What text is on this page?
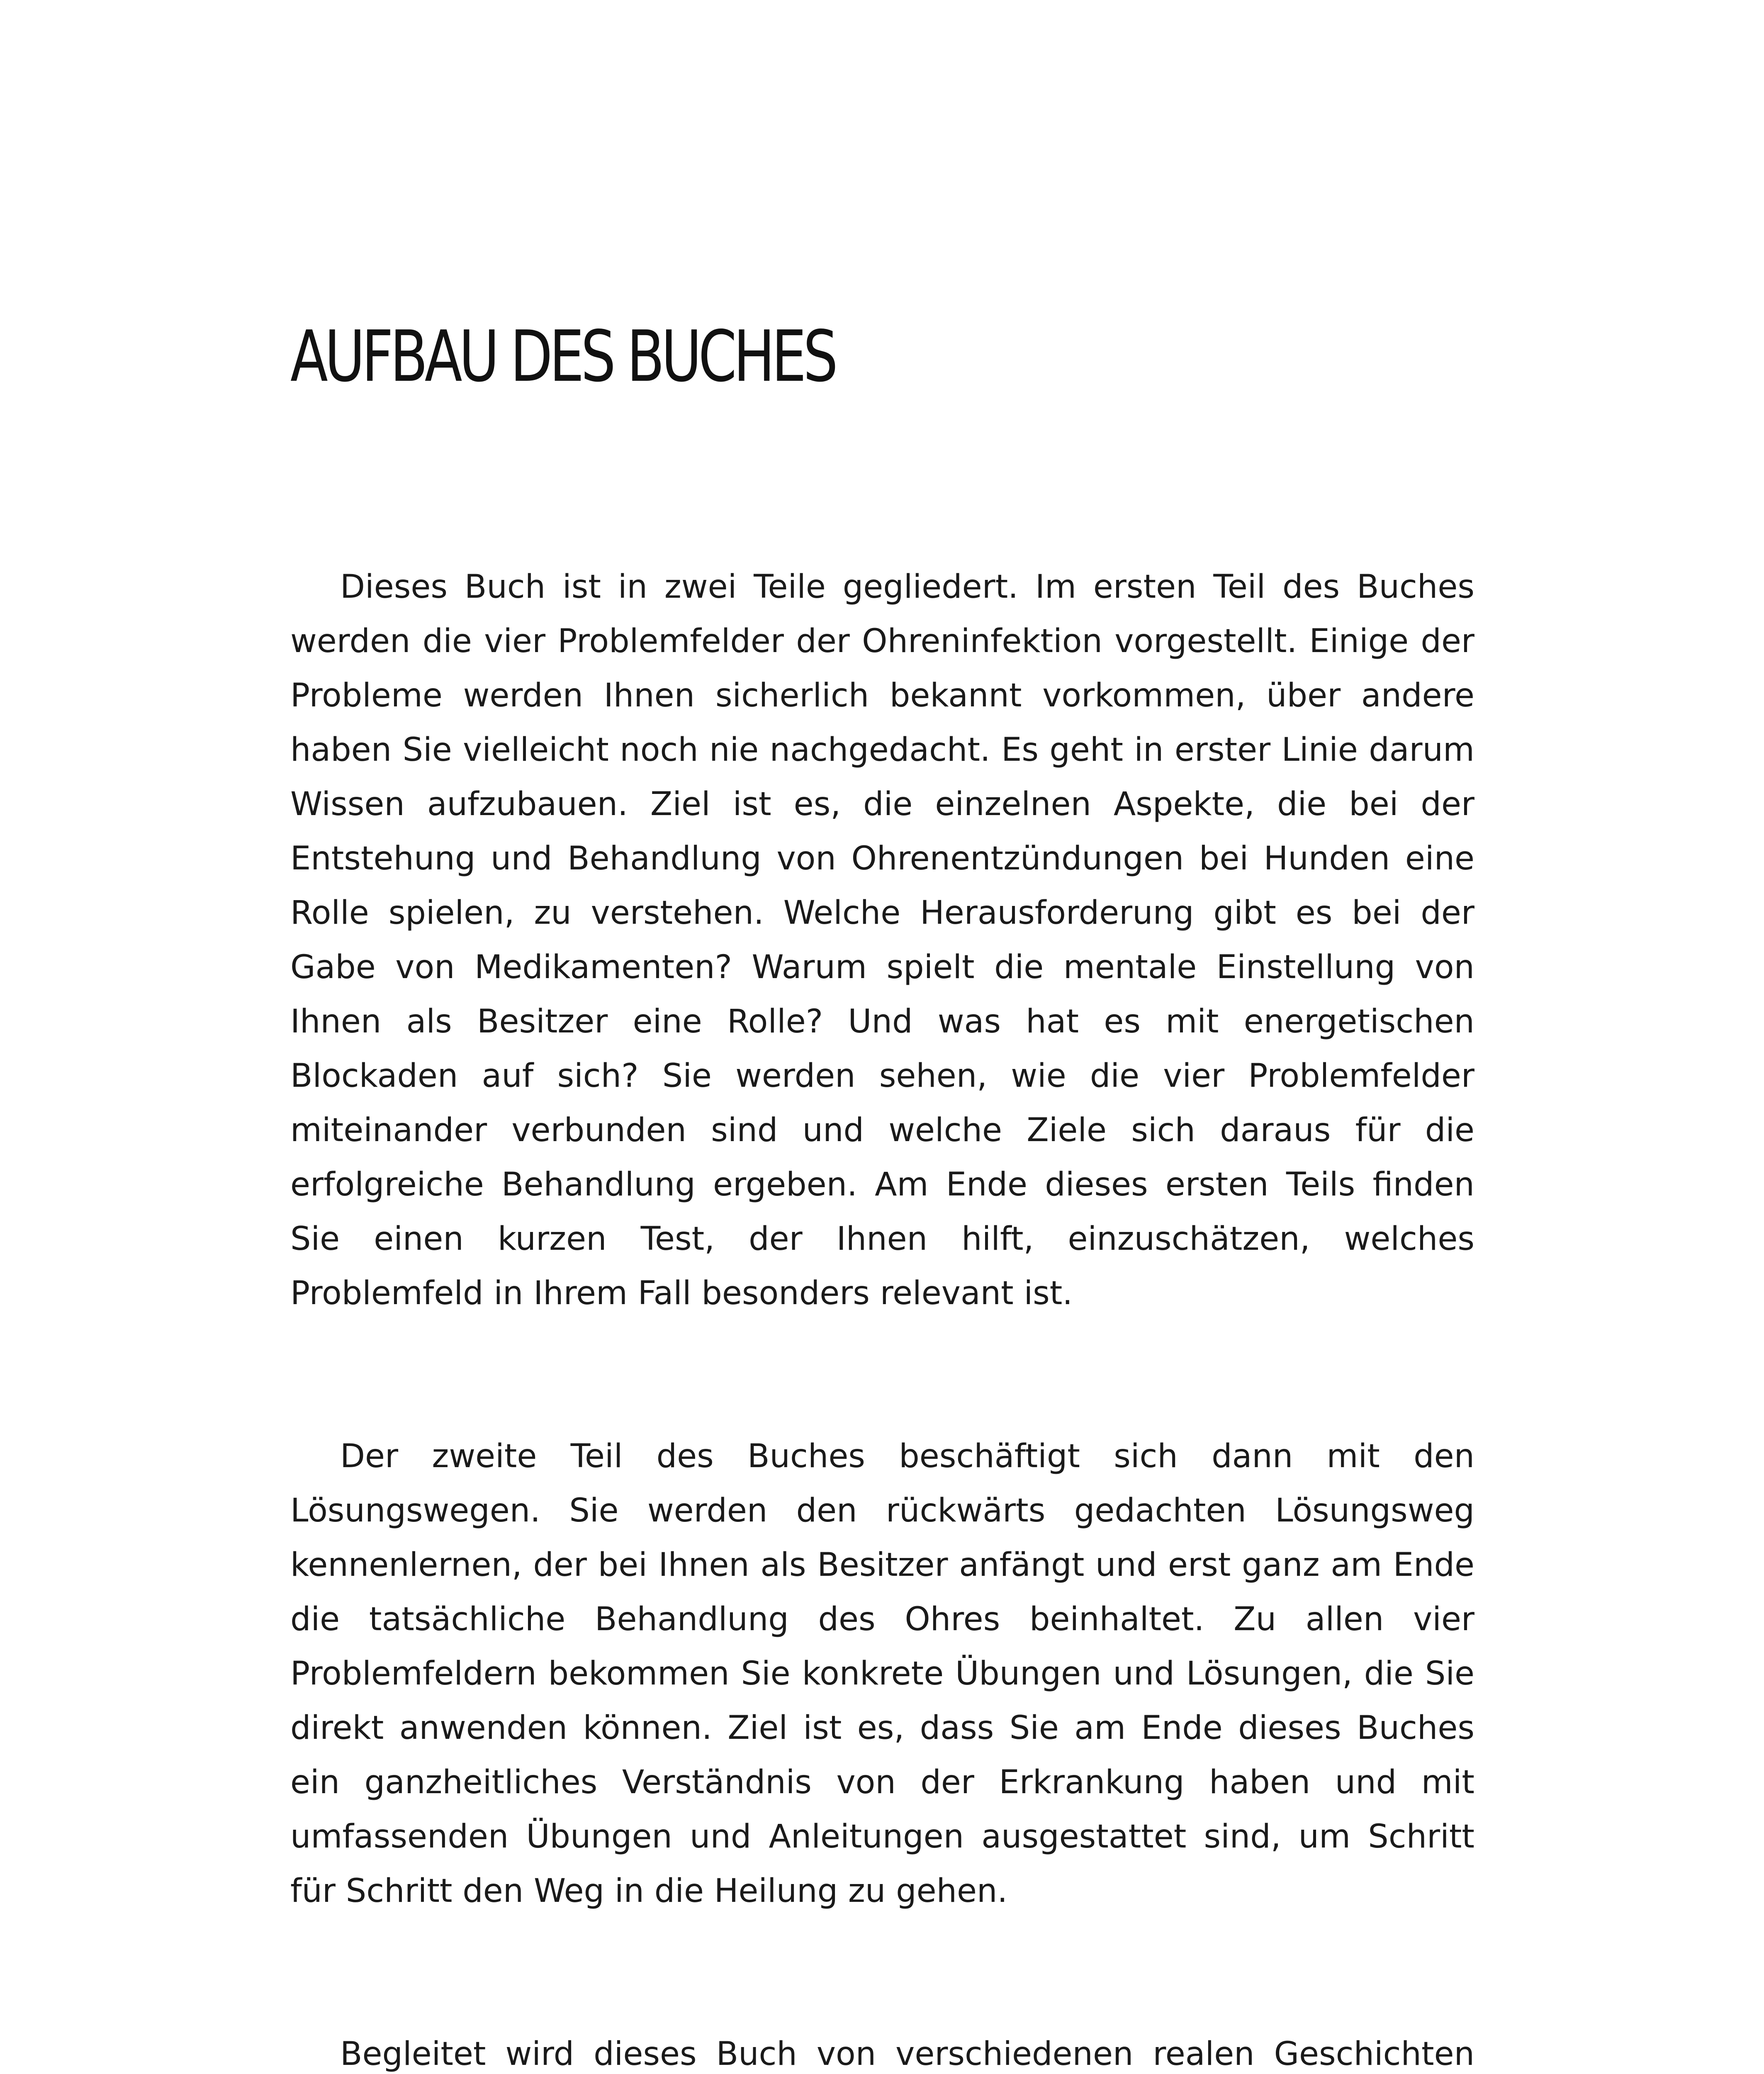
AUFBAU DES BUCHES

Dieses Buch ist in zwei Teile gegliedert. Im ersten Teil des Buches werden die vier Problemfelder der Ohreninfektion vorgestellt. Einige der Probleme werden Ihnen sicherlich bekannt vorkommen, über andere haben Sie vielleicht noch nie nachgedacht. Es geht in erster Linie darum Wissen aufzubauen. Ziel ist es, die einzelnen Aspekte, die bei der Entstehung und Behandlung von Ohrenentzündungen bei Hunden eine Rolle spielen, zu verstehen. Welche Herausforderung gibt es bei der Gabe von Medikamenten? Warum spielt die mentale Einstellung von Ihnen als Besitzer eine Rolle? Und was hat es mit energetischen Blockaden auf sich? Sie werden sehen, wie die vier Problemfelder miteinander verbunden sind und welche Ziele sich daraus für die erfolgreiche Behandlung ergeben. Am Ende dieses ersten Teils finden Sie einen kurzen Test, der Ihnen hilft, einzuschätzen, welches Problemfeld in Ihrem Fall besonders relevant ist.

Der zweite Teil des Buches beschäftigt sich dann mit den Lösungswegen. Sie werden den rückwärts gedachten Lösungsweg kennenlernen, der bei Ihnen als Besitzer anfängt und erst ganz am Ende die tatsächliche Behandlung des Ohres beinhaltet. Zu allen vier Problemfeldern bekommen Sie konkrete Übungen und Lösungen, die Sie direkt anwenden können. Ziel ist es, dass Sie am Ende dieses Buches ein ganzheitliches Verständnis von der Erkrankung haben und mit umfassenden Übungen und Anleitungen ausgestattet sind, um Schritt für Schritt den Weg in die Heilung zu gehen.

Begleitet wird dieses Buch von verschiedenen realen Geschichten
